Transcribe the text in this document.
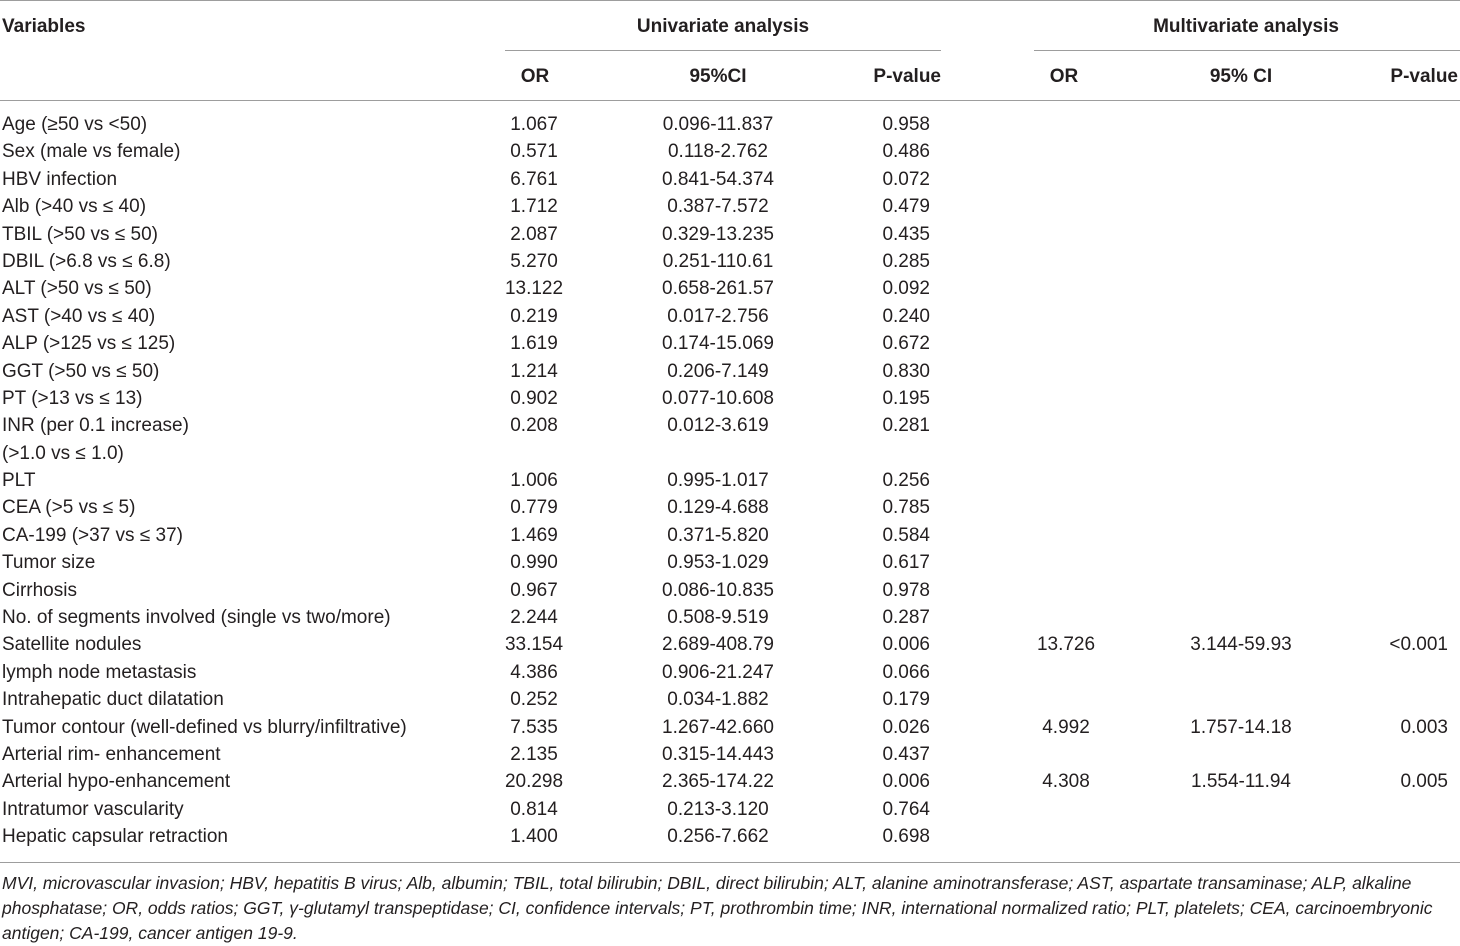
Variables	Univariate analysis	Multivariate analysis
OR	95%CI	P-value	OR	95% CI	P-value
Age (≥50 vs <50)	1.067	0.096-11.837	0.958
Sex (male vs female)	0.571	0.118-2.762	0.486
HBV infection	6.761	0.841-54.374	0.072
Alb (>40 vs ≤ 40)	1.712	0.387-7.572	0.479
TBIL (>50 vs ≤ 50)	2.087	0.329-13.235	0.435
DBIL (>6.8 vs ≤ 6.8)	5.270	0.251-110.61	0.285
ALT (>50 vs ≤ 50)	13.122	0.658-261.57	0.092
AST (>40 vs ≤ 40)	0.219	0.017-2.756	0.240
ALP (>125 vs ≤ 125)	1.619	0.174-15.069	0.672
GGT (>50 vs ≤ 50)	1.214	0.206-7.149	0.830
PT (>13 vs ≤ 13)	0.902	0.077-10.608	0.195
INR (per 0.1 increase)	0.208	0.012-3.619	0.281
(>1.0 vs ≤ 1.0)
PLT	1.006	0.995-1.017	0.256
CEA (>5 vs ≤ 5)	0.779	0.129-4.688	0.785
CA-199 (>37 vs ≤ 37)	1.469	0.371-5.820	0.584
Tumor size	0.990	0.953-1.029	0.617
Cirrhosis	0.967	0.086-10.835	0.978
No. of segments involved (single vs two/more)	2.244	0.508-9.519	0.287
Satellite nodules	33.154	2.689-408.79	0.006	13.726	3.144-59.93	<0.001
lymph node metastasis	4.386	0.906-21.247	0.066
Intrahepatic duct dilatation	0.252	0.034-1.882	0.179
Tumor contour (well-defined vs blurry/infiltrative)	7.535	1.267-42.660	0.026	4.992	1.757-14.18	0.003
Arterial rim- enhancement	2.135	0.315-14.443	0.437
Arterial hypo-enhancement	20.298	2.365-174.22	0.006	4.308	1.554-11.94	0.005
Intratumor vascularity	0.814	0.213-3.120	0.764
Hepatic capsular retraction	1.400	0.256-7.662	0.698
MVI, microvascular invasion; HBV, hepatitis B virus; Alb, albumin; TBIL, total bilirubin; DBIL, direct bilirubin; ALT, alanine aminotransferase; AST, aspartate transaminase; ALP, alkaline phosphatase; OR, odds ratios; GGT, γ-glutamyl transpeptidase; CI, confidence intervals; PT, prothrombin time; INR, international normalized ratio; PLT, platelets; CEA, carcinoembryonic antigen; CA-199, cancer antigen 19-9.
